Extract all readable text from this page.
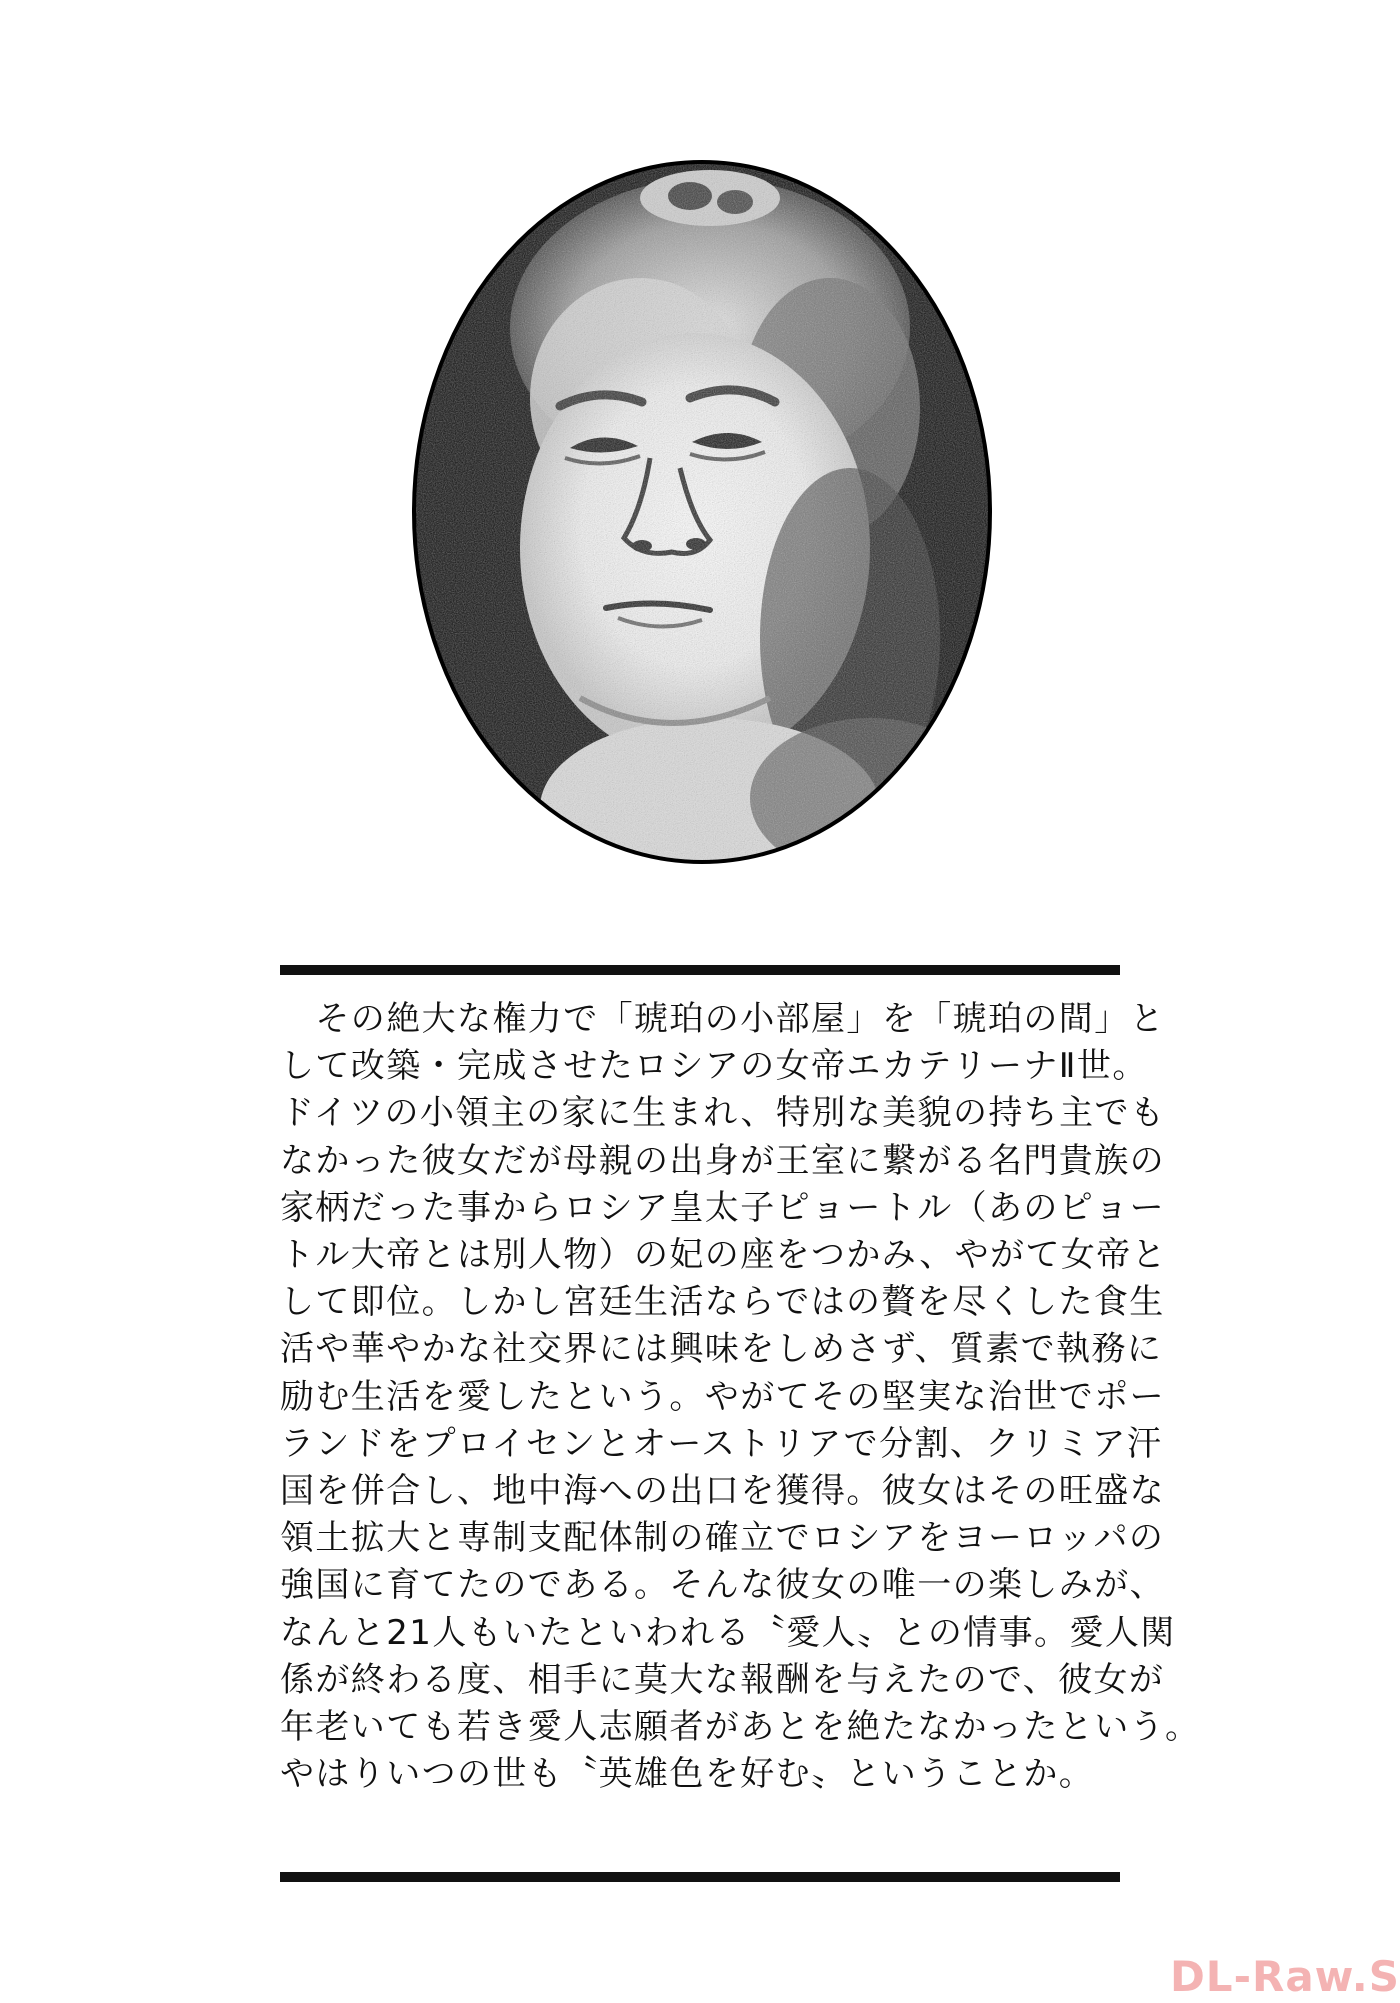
　その絶大な権力で「琥珀の小部屋」を「琥珀の間」と
して改築・完成させたロシアの女帝エカテリーナⅡ世。
ドイツの小領主の家に生まれ、特別な美貌の持ち主でも
なかった彼女だが母親の出身が王室に繋がる名門貴族の
家柄だった事からロシア皇太子ピョートル（あのピョー
トル大帝とは別人物）の妃の座をつかみ、やがて女帝と
して即位。しかし宮廷生活ならではの贅を尽くした食生
活や華やかな社交界には興味をしめさず、質素で執務に
励む生活を愛したという。やがてその堅実な治世でポー
ランドをプロイセンとオーストリアで分割、クリミア汗
国を併合し、地中海への出口を獲得。彼女はその旺盛な
領土拡大と専制支配体制の確立でロシアをヨーロッパの
強国に育てたのである。そんな彼女の唯一の楽しみが、
なんと21人もいたといわれる〝愛人〟との情事。愛人関
係が終わる度、相手に莫大な報酬を与えたので、彼女が
年老いても若き愛人志願者があとを絶たなかったという。
やはりいつの世も〝英雄色を好む〟ということか。

DL-Raw.S
